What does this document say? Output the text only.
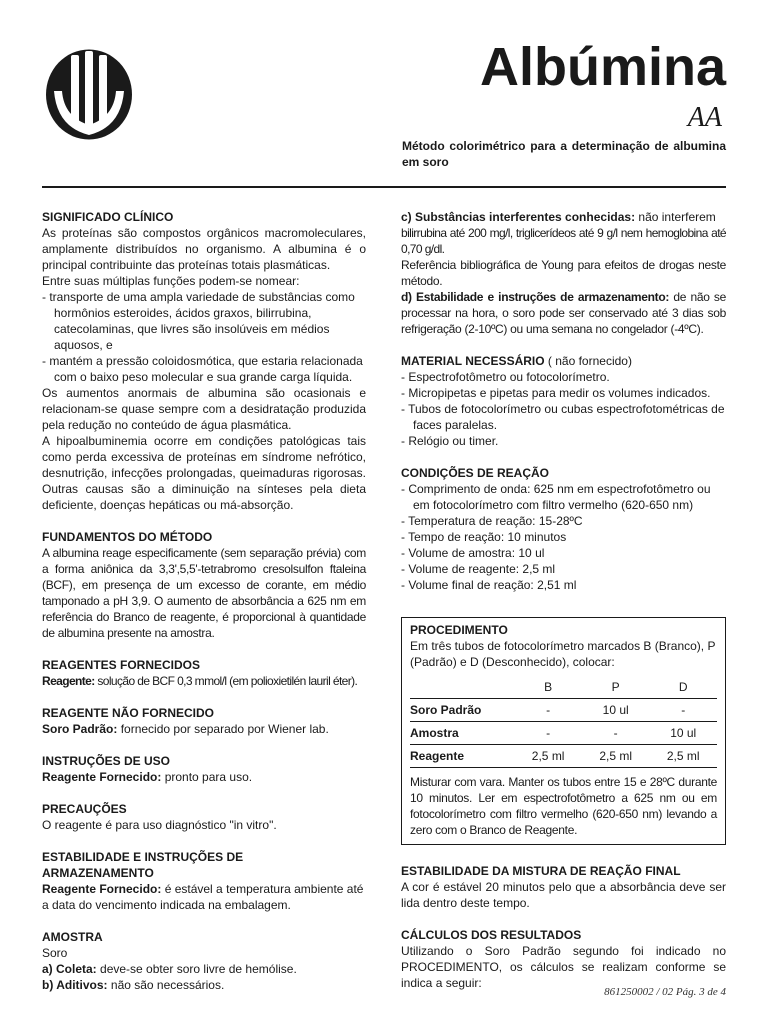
Albúmina
AA
Método colorimétrico para a determinação de albumina em soro

SIGNIFICADO CLÍNICO

As proteínas são compostos orgânicos macromoleculares, amplamente distribuídos no organismo. A albumina é o principal contribuinte das proteínas totais plasmáticas.

Entre suas múltiplas funções podem-se nomear:

- transporte de uma ampla variedade de substâncias como hormônios esteroides, ácidos graxos, bilirrubina, catecolaminas, que livres são insolúveis em médios aquosos, e

- mantém a pressão coloidosmótica, que estaria relacionada com o baixo peso molecular e sua grande carga líquida.

Os aumentos anormais de albumina são ocasionais e relacionam-se quase sempre com a desidratação produzida pela redução no conteúdo de água plasmática.

A hipoalbuminemia ocorre em condições patológicas tais como perda excessiva de proteínas em síndrome nefrótico, desnutrição, infecções prolongadas, queimaduras rigorosas. Outras causas são a diminuição na sínteses pela dieta deficiente, doenças hepáticas ou má-absorção.

FUNDAMENTOS DO MÉTODO

A albumina reage especificamente (sem separação prévia) com a forma aniônica da 3,3',5,5'-tetrabromo cresolsulfon ftaleina (BCF), em presença de um excesso de corante, em médio tamponado a pH 3,9. O aumento de absorbância a 625 nm em referência do Branco de reagente, é proporcional à quantidade de albumina presente na amostra.

REAGENTES FORNECIDOS

Reagente: solução de BCF 0,3 mmol/l (em polioxietilén lauril éter).

REAGENTE NÃO FORNECIDO

Soro Padrão: fornecido por separado por Wiener lab.

INSTRUÇÕES DE USO

Reagente Fornecido: pronto para uso.

PRECAUÇÕES

O reagente é para uso diagnóstico "in vitro".

ESTABILIDADE E INSTRUÇÕES DE

ARMAZENAMENTO

Reagente Fornecido: é estável a temperatura ambiente até a data do vencimento indicada na embalagem.

AMOSTRA

Soro

a) Coleta: deve-se obter soro livre de hemólise.

b) Aditivos: não são necessários.

c) Substâncias interferentes conhecidas: não interferem

bilirrubina até 200 mg/l, triglicerídeos até 9 g/l nem hemoglobina até 0,70 g/dl.

Referência bibliográfica de Young para efeitos de drogas neste método.

d) Estabilidade e instruções de armazenamento: de não se processar na hora, o soro pode ser conservado até 3 dias sob refrigeração (2-10ºC) ou uma semana no congelador (-4ºC).

MATERIAL NECESSÁRIO ( não fornecido)

- Espectrofotômetro ou fotocolorímetro.

- Micropipetas e pipetas para medir os volumes indicados.

- Tubos de fotocolorímetro ou cubas espectrofotométricas de faces paralelas.

- Relógio ou timer.

CONDIÇÕES DE REAÇÃO

- Comprimento de onda: 625 nm em espectrofotômetro ou em fotocolorímetro com filtro vermelho (620-650 nm)

- Temperatura de reação: 15-28ºC

- Tempo de reação: 10 minutos

- Volume de amostra: 10 ul

- Volume de reagente: 2,5 ml

- Volume final de reação: 2,51 ml

PROCEDIMENTO

Em três tubos de fotocolorímetro marcados B (Branco), P (Padrão) e D (Desconhecido), colocar:

	B	P	D
Soro Padrão	-	10 ul	-
Amostra	-	-	10 ul
Reagente	2,5 ml	2,5 ml	2,5 ml

Misturar com vara. Manter os tubos entre 15 e 28ºC durante 10 minutos. Ler em espectrofotômetro a 625 nm ou em fotocolorímetro com filtro vermelho (620-650 nm) levando a zero com o Branco de Reagente.

ESTABILIDADE DA MISTURA DE REAÇÃO FINAL

A cor é estável 20 minutos pelo que a absorbância deve ser lida dentro deste tempo.

CÁLCULOS DOS RESULTADOS

Utilizando o Soro Padrão segundo foi indicado no PROCEDIMENTO, os cálculos se realizam conforme se indica a seguir:

861250002 / 02 Pág. 3 de 4
